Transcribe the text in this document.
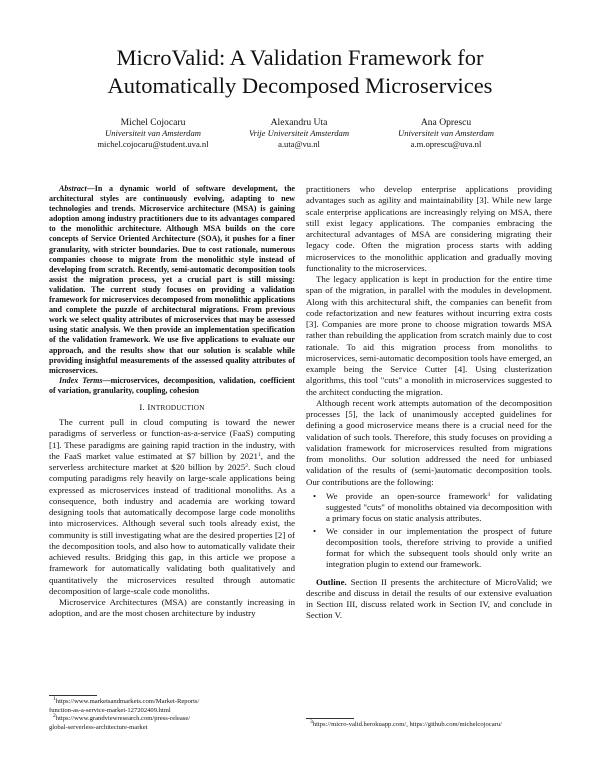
MicroValid: A Validation Framework for
Automatically Decomposed Microservices
Michel Cojocaru
Universiteit van Amsterdam
michel.cojocaru@student.uva.nl
Alexandru Uta
Vrije Universiteit Amsterdam
a.uta@vu.nl
Ana Oprescu
Universiteit van Amsterdam
a.m.oprescu@uva.nl

Abstract—In a dynamic world of software development, the architectural styles are continuously evolving, adapting to new technologies and trends. Microservice architecture (MSA) is gaining adoption among industry practitioners due to its advantages compared to the monolithic architecture. Although MSA builds on the core concepts of Service Oriented Architecture (SOA), it pushes for a finer granularity, with stricter boundaries. Due to cost rationale, numerous companies choose to migrate from the monolithic style instead of developing from scratch. Recently, semi-automatic decomposition tools assist the migration process, yet a crucial part is still missing: validation. The current study focuses on providing a validation framework for microservices decomposed from monolithic applications and complete the puzzle of architectural migrations. From previous work we select quality attributes of microservices that may be assessed using static analysis. We then provide an implementation specification of the validation framework. We use five applications to evaluate our approach, and the results show that our solution is scalable while providing insightful measurements of the assessed quality attributes of microservices.

Index Terms—microservices, decomposition, validation, coefficient of variation, granularity, coupling, cohesion

I. INTRODUCTION

The current pull in cloud computing is toward the newer paradigms of serverless or function-as-a-service (FaaS) computing [1]. These paradigms are gaining rapid traction in the industry, with the FaaS market value estimated at $7 billion by 2021$^1$, and the serverless architecture market at $20 billion by 2025$^2$. Such cloud computing paradigms rely heavily on large-scale applications being expressed as microservices instead of traditional monoliths. As a consequence, both industry and academia are working toward designing tools that automatically decompose large code monoliths into microservices. Although several such tools already exist, the community is still investigating what are the desired properties [2] of the decomposition tools, and also how to automatically validate their achieved results. Bridging this gap, in this article we propose a framework for automatically validating both qualitatively and quantitatively the microservices resulted through automatic decomposition of large-scale code monoliths.

Microservice Architectures (MSA) are constantly increasing in adoption, and are the most chosen architecture by industry

$^1$https://www.marketsandmarkets.com/Market-Reports/

function-as-a-service-market-127202409.html

$^2$https://www.grandviewresearch.com/press-release/

global-serverless-architecture-market

practitioners who develop enterprise applications providing advantages such as agility and maintainability [3]. While new large scale enterprise applications are increasingly relying on MSA, there still exist legacy applications. The companies embracing the architectural advantages of MSA are considering migrating their legacy code. Often the migration process starts with adding microservices to the monolithic application and gradually moving functionality to the microservices.

The legacy application is kept in production for the entire time span of the migration, in parallel with the modules in development. Along with this architectural shift, the companies can benefit from code refactorization and new features without incurring extra costs [3]. Companies are more prone to choose migration towards MSA rather than rebuilding the application from scratch mainly due to cost rationale. To aid this migration process from monoliths to microservices, semi-automatic decomposition tools have emerged, an example being the Service Cutter [4]. Using clusterization algorithms, this tool "cuts" a monolith in microservices suggested to the architect conducting the migration.

Although recent work attempts automation of the decomposition processes [5], the lack of unanimously accepted guidelines for defining a good microservice means there is a crucial need for the validation of such tools. Therefore, this study focuses on providing a validation framework for microservices resulted from migrations from monoliths. Our solution addressed the need for unbiased validation of the results of (semi-)automatic decomposition tools. Our contributions are the following:

• We provide an open-source framework$^3$ for validating suggested "cuts" of monoliths obtained via decomposition with a primary focus on static analysis attributes.
• We consider in our implementation the prospect of future decomposition tools, therefore striving to provide a unified format for which the subsequent tools should only write an integration plugin to extend our framework.

Outline. Section II presents the architecture of MicroValid; we describe and discuss in detail the results of our extensive evaluation in Section III, discuss related work in Section IV, and conclude in Section V.

$^3$https://micro-valid.herokuapp.com/, https://github.com/michelcojocaru/
